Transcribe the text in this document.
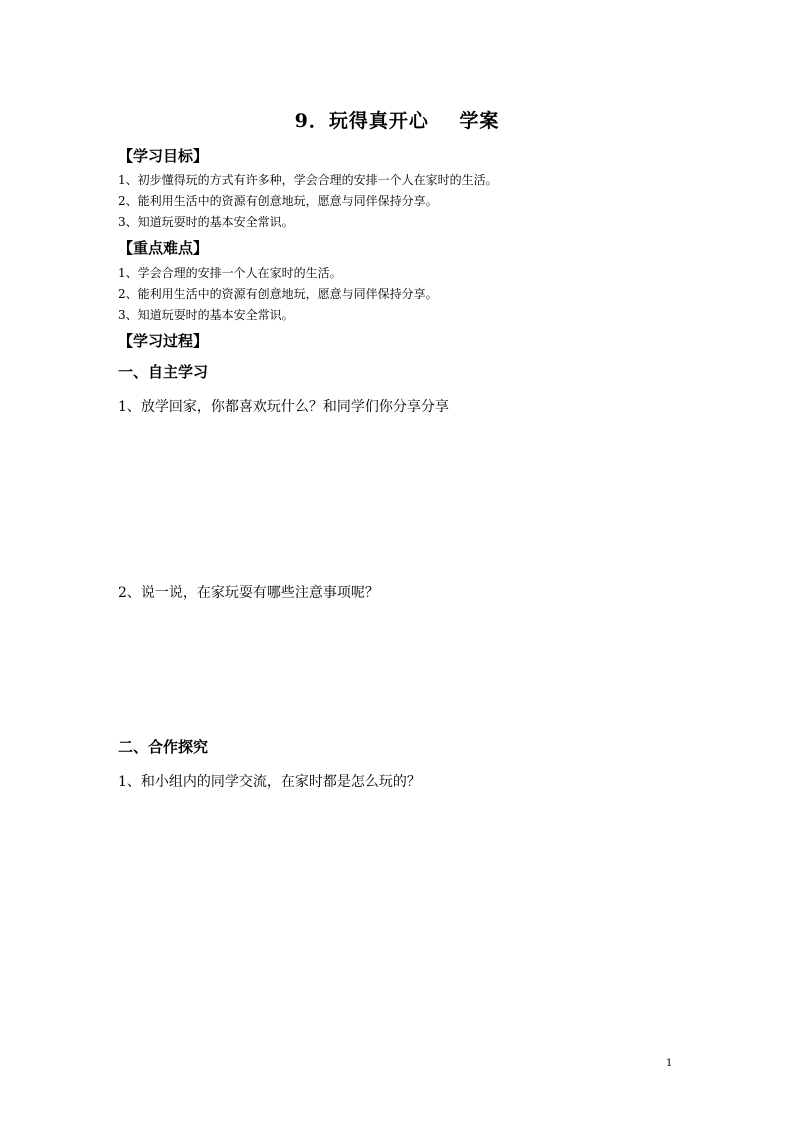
9．玩得真开心    学案
【学习目标】
1、初步懂得玩的方式有许多种，学会合理的安排一个人在家时的生活。
2、能利用生活中的资源有创意地玩，愿意与同伴保持分享。
3、知道玩耍时的基本安全常识。
【重点难点】
1、学会合理的安排一个人在家时的生活。
2、能利用生活中的资源有创意地玩，愿意与同伴保持分享。
3、知道玩耍时的基本安全常识。
【学习过程】
一、自主学习
1、放学回家，你都喜欢玩什么？和同学们你分享分享
2、说一说，在家玩耍有哪些注意事项呢？
二、合作探究
1、和小组内的同学交流，在家时都是怎么玩的？
1
